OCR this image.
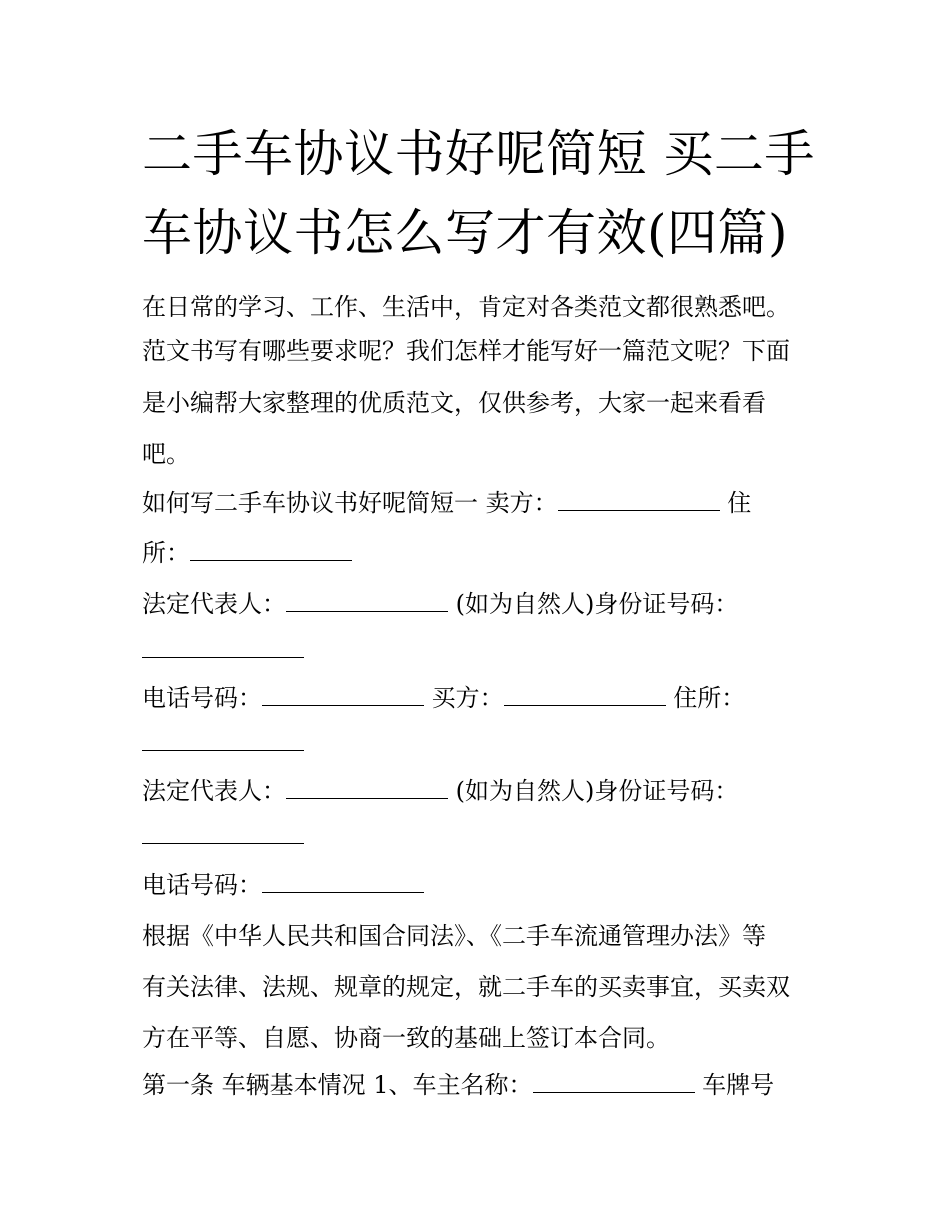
二手车协议书好呢简短 买二手
车协议书怎么写才有效(四篇)

在日常的学习、工作、生活中，肯定对各类范文都很熟悉吧。

范文书写有哪些要求呢？我们怎样才能写好一篇范文呢？下面

是小编帮大家整理的优质范文，仅供参考，大家一起来看看

吧。

如何写二手车协议书好呢简短一 卖方：	住

所：

法定代表人：	(如为自然人)身份证号码：

电话号码：	买方：	住所：

法定代表人：	(如为自然人)身份证号码：

电话号码：

根据《中华人民共和国合同法》、《二手车流通管理办法》等

有关法律、法规、规章的规定，就二手车的买卖事宜，买卖双

方在平等、自愿、协商一致的基础上签订本合同。

第一条 车辆基本情况 1、车主名称：	车牌号
